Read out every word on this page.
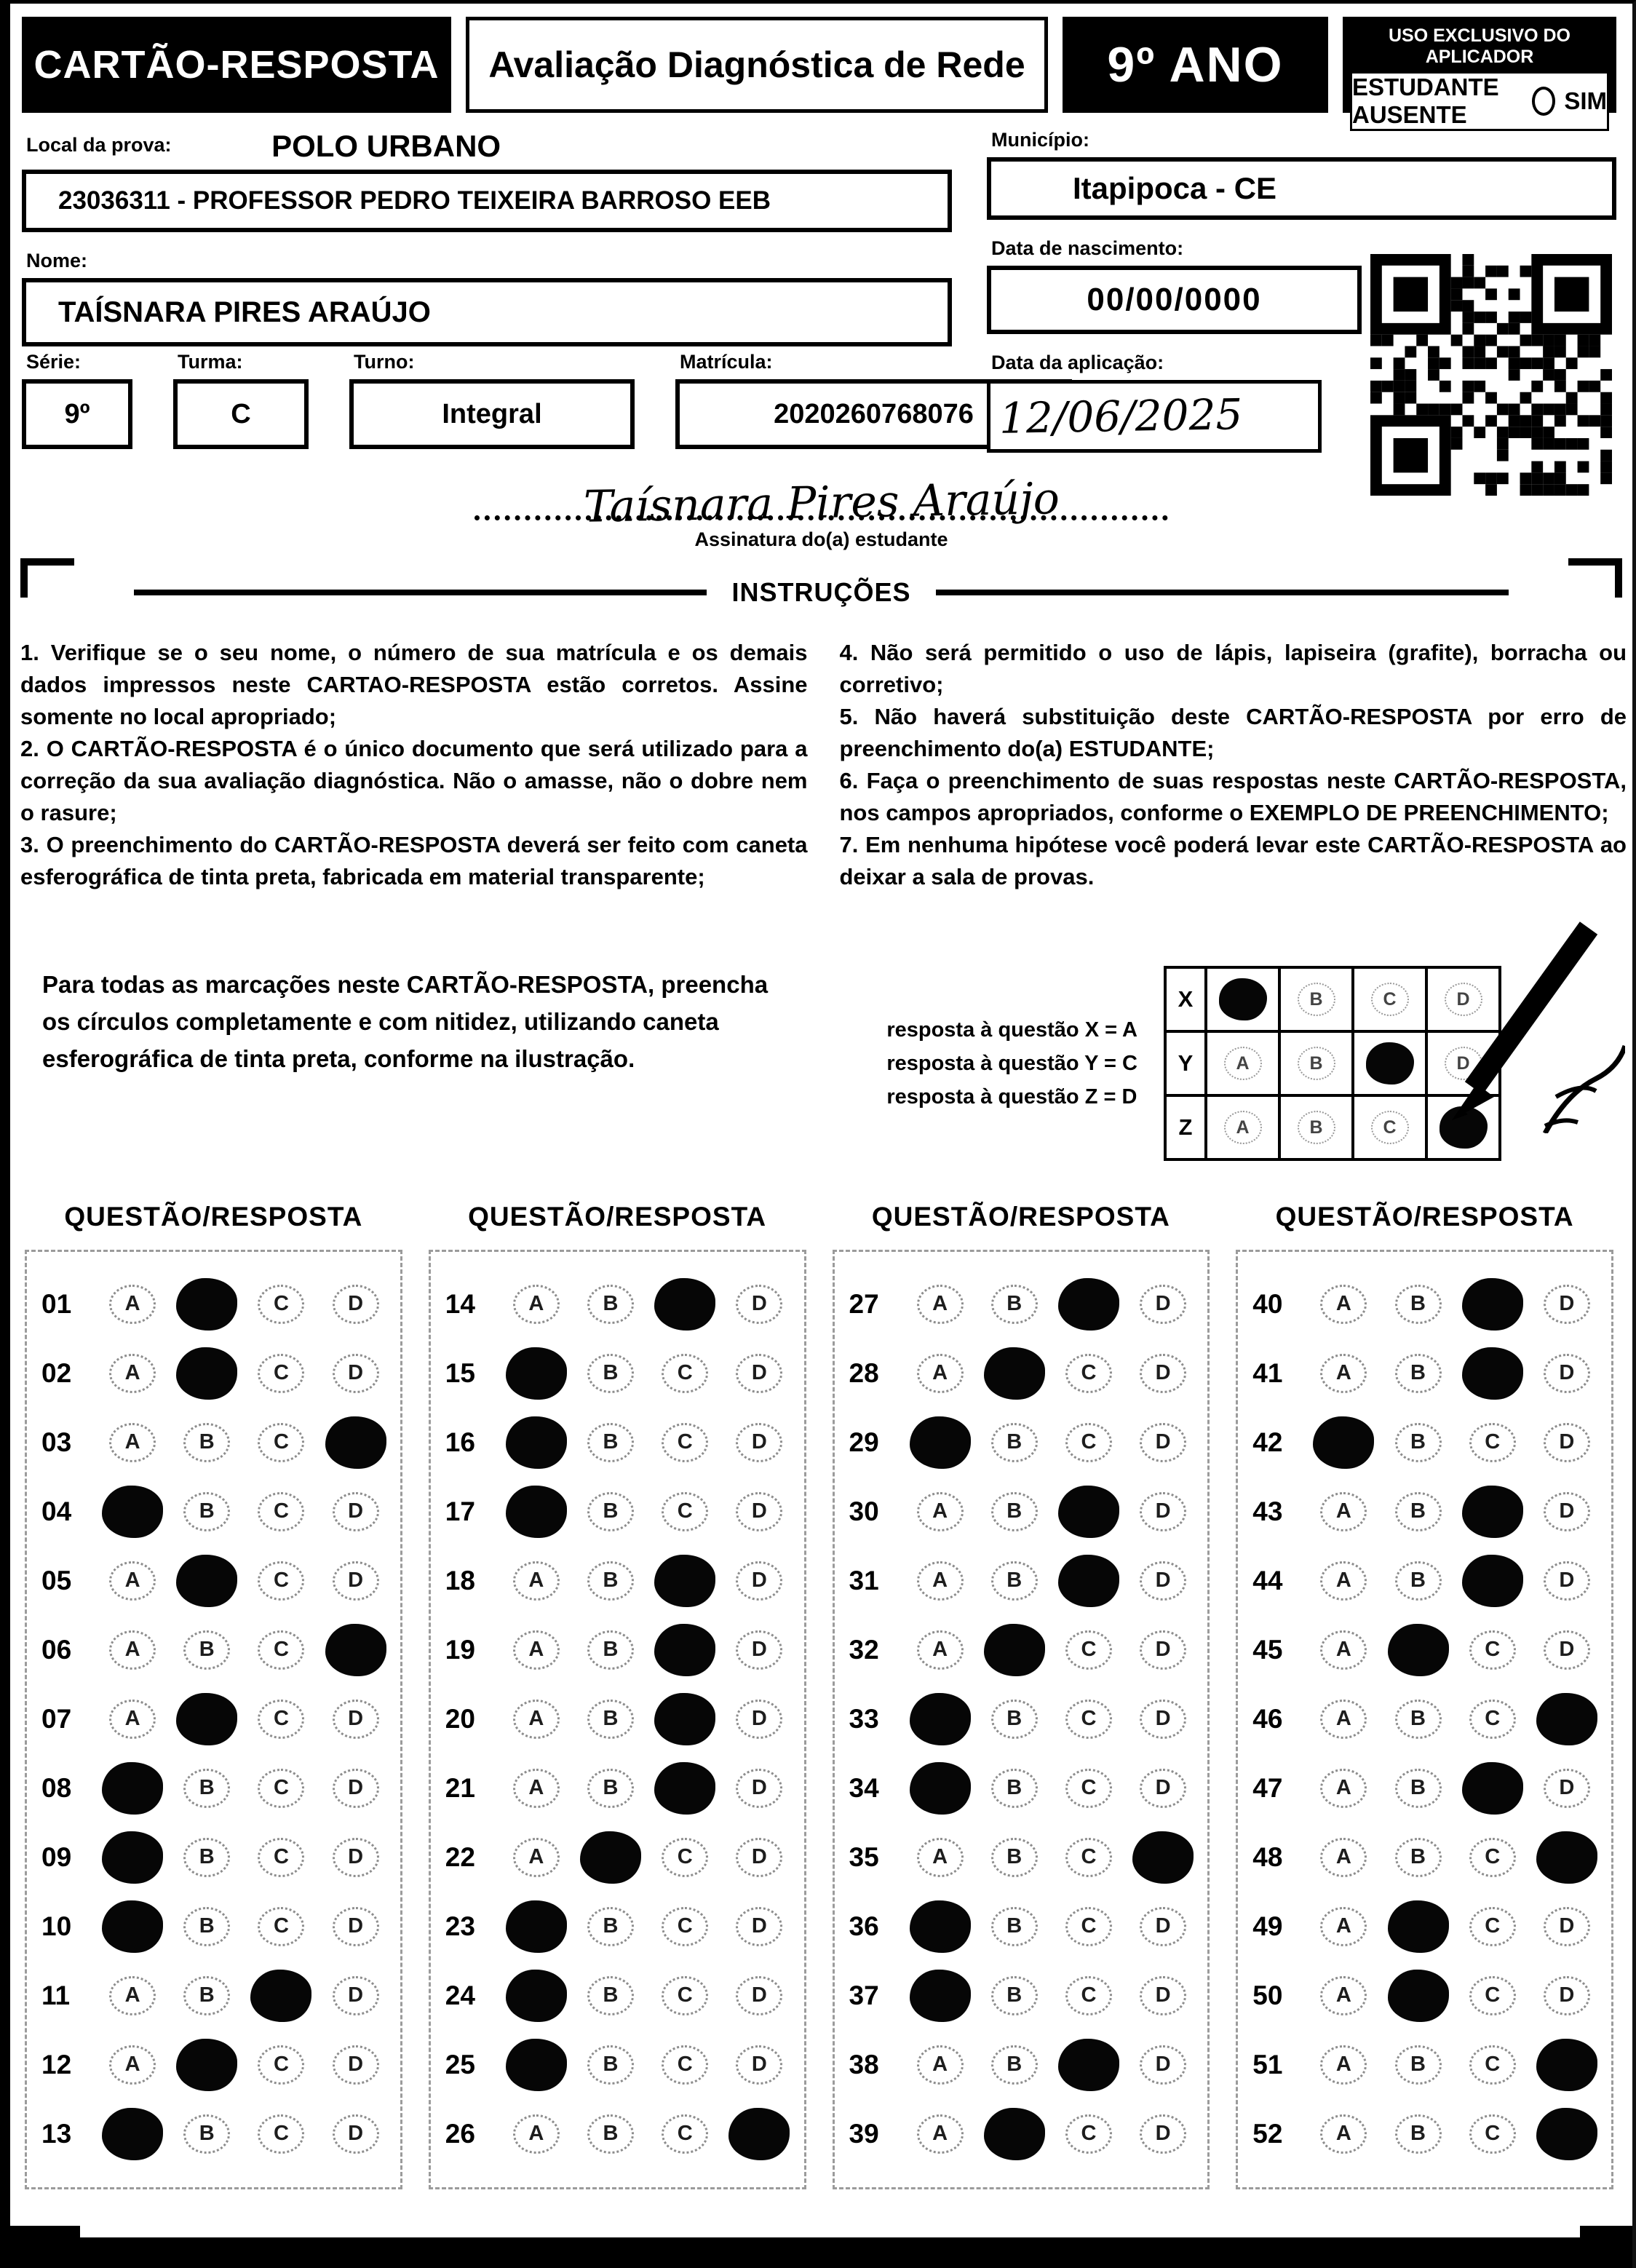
CARTÃO-RESPOSTA	Avaliação Diagnóstica de Rede	9º ANO
USO EXCLUSIVO DO APLICADOR
ESTUDANTE AUSENTE
SIM
Local da prova:	POLO URBANO
23036311 - PROFESSOR PEDRO TEIXEIRA BARROSO EEB
Nome:
TAÍSNARA PIRES ARAÚJO
Série:
9º
Turma:
C
Turno:
Integral
Matrícula:
2020260768076
Município:
Itapipoca - CE
Data de nascimento:
00/00/0000
Data da aplicação:
12/06/2025
Taísnara Pires Araújo
Assinatura do(a) estudante
INSTRUÇÕES

1. Verifique se o seu nome, o número de sua matrícula e os demais dados impressos neste CARTAO-RESPOSTA estão corretos. Assine somente no local apropriado;

2. O CARTÃO-RESPOSTA é o único documento que será utilizado para a correção da sua avaliação diagnóstica. Não o amasse, não o dobre nem o rasure;

3. O preenchimento do CARTÃO-RESPOSTA deverá ser feito com caneta esferográfica de tinta preta, fabricada em material transparente;

4. Não será permitido o uso de lápis, lapiseira (grafite), borracha ou corretivo;

5. Não haverá substituição deste CARTÃO-RESPOSTA por erro de preenchimento do(a) ESTUDANTE;

6. Faça o preenchimento de suas respostas neste CARTÃO-RESPOSTA, nos campos apropriados, conforme o EXEMPLO DE PREENCHIMENTO;

7. Em nenhuma hipótese você poderá levar este CARTÃO-RESPOSTA ao deixar a sala de provas.

Para todas as marcações neste CARTÃO-RESPOSTA, preencha os círculos completamente e com nitidez, utilizando caneta esferográfica de tinta preta, conforme na ilustração.
resposta à questão X = A
resposta à questão Y = C
resposta à questão Z = D
X		B	C	D
Y	A	B		D
Z	A	B	C	
QUESTÃO/RESPOSTA
01	A	C	D
02	A	C	D
03	A	B	C
04	B	C	D
05	A	C	D
06	A	B	C
07	A	C	D
08	B	C	D
09	B	C	D
10	B	C	D
11	A	B	D
12	A	C	D
13	B	C	D
QUESTÃO/RESPOSTA
14	A	B	D
15	B	C	D
16	B	C	D
17	B	C	D
18	A	B	D
19	A	B	D
20	A	B	D
21	A	B	D
22	A	C	D
23	B	C	D
24	B	C	D
25	B	C	D
26	A	B	C
QUESTÃO/RESPOSTA
27	A	B	D
28	A	C	D
29	B	C	D
30	A	B	D
31	A	B	D
32	A	C	D
33	B	C	D
34	B	C	D
35	A	B	C
36	B	C	D
37	B	C	D
38	A	B	D
39	A	C	D
QUESTÃO/RESPOSTA
40	A	B	D
41	A	B	D
42	B	C	D
43	A	B	D
44	A	B	D
45	A	C	D
46	A	B	C
47	A	B	D
48	A	B	C
49	A	C	D
50	A	C	D
51	A	B	C
52	A	B	C
